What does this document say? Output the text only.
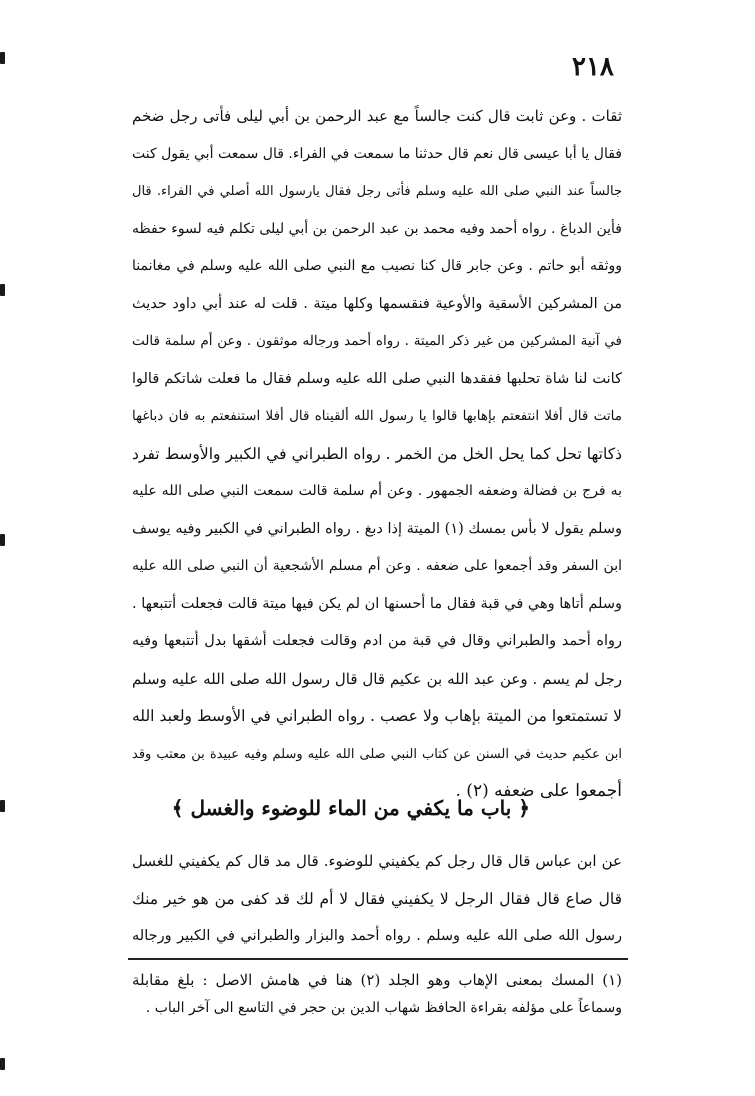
٢١٨
ثقات . وعن ثابت قال كنت جالساً مع عبد الرحمن بن أبي ليلى فأتى رجل ضخم
فقال يا أبا عيسى قال نعم قال حدثنا ما سمعت في الفراء. قال سمعت أبي يقول كنت
جالساً عند النبي صلى الله عليه وسلم فأتى رجل فقال يارسول الله أصلي في الفراء. قال
فأين الدباغ . رواه أحمد وفيه محمد بن عبد الرحمن بن أبي ليلى تكلم فيه لسوء حفظه
ووثقه أبو حاتم . وعن جابر قال كنا نصيب مع النبي صلى الله عليه وسلم في مغانمنا
من المشركين الأسقية والأوعية فنقسمها وكلها ميتة . قلت له عند أبي داود حديث
في آنية المشركين من غير ذكر الميتة . رواه أحمد ورجاله موثقون . وعن أم سلمة قالت
كانت لنا شاة تحلبها ففقدها النبي صلى الله عليه وسلم فقال ما فعلت شاتكم قالوا
ماتت قال أفلا انتفعتم بإهابها قالوا يا رسول الله ألقيناه قال أفلا استنفعتم به فان دباغها
ذكاتها تحل كما يحل الخل من الخمر . رواه الطبراني في الكبير والأوسط تفرد
به فرج بن فضالة وضعفه الجمهور . وعن أم سلمة قالت سمعت النبي صلى الله عليه
وسلم يقول لا بأس بمسك (١) الميتة إذا دبغ . رواه الطبراني في الكبير وفيه يوسف
ابن السفر وقد أجمعوا على ضعفه . وعن أم مسلم الأشجعية أن النبي صلى الله عليه
وسلم أتاها وهي في قبة فقال ما أحسنها ان لم يكن فيها ميتة قالت فجعلت أتتبعها .
رواه أحمد والطبراني وقال في قبة من ادم وقالت فجعلت أشقها بدل أتتبعها وفيه
رجل لم يسم . وعن عبد الله بن عكيم قال قال رسول الله صلى الله عليه وسلم
لا تستمتعوا من الميتة بإهاب ولا عصب . رواه الطبراني في الأوسط ولعبد الله
ابن عكيم حديث في السنن عن كتاب النبي صلى الله عليه وسلم وفيه عبيدة بن معتب وقد
أجمعوا على ضعفه (٢) .
﴿ باب ما يكفي من الماء للوضوء والغسل ﴾
عن ابن عباس قال قال رجل كم يكفيني للوضوء. قال مد قال كم يكفيني للغسل
قال صاع قال فقال الرجل لا يكفيني فقال لا أم لك قد كفى من هو خير منك
رسول الله صلى الله عليه وسلم . رواه أحمد والبزار والطبراني في الكبير ورجاله
(١) المسك بمعنى الإهاب وهو الجلد (٢) هنا في هامش الاصل : بلغ مقابلة
وسماعاً على مؤلفه بقراءة الحافظ شهاب الدين بن حجر في التاسع الى آخر الباب .
